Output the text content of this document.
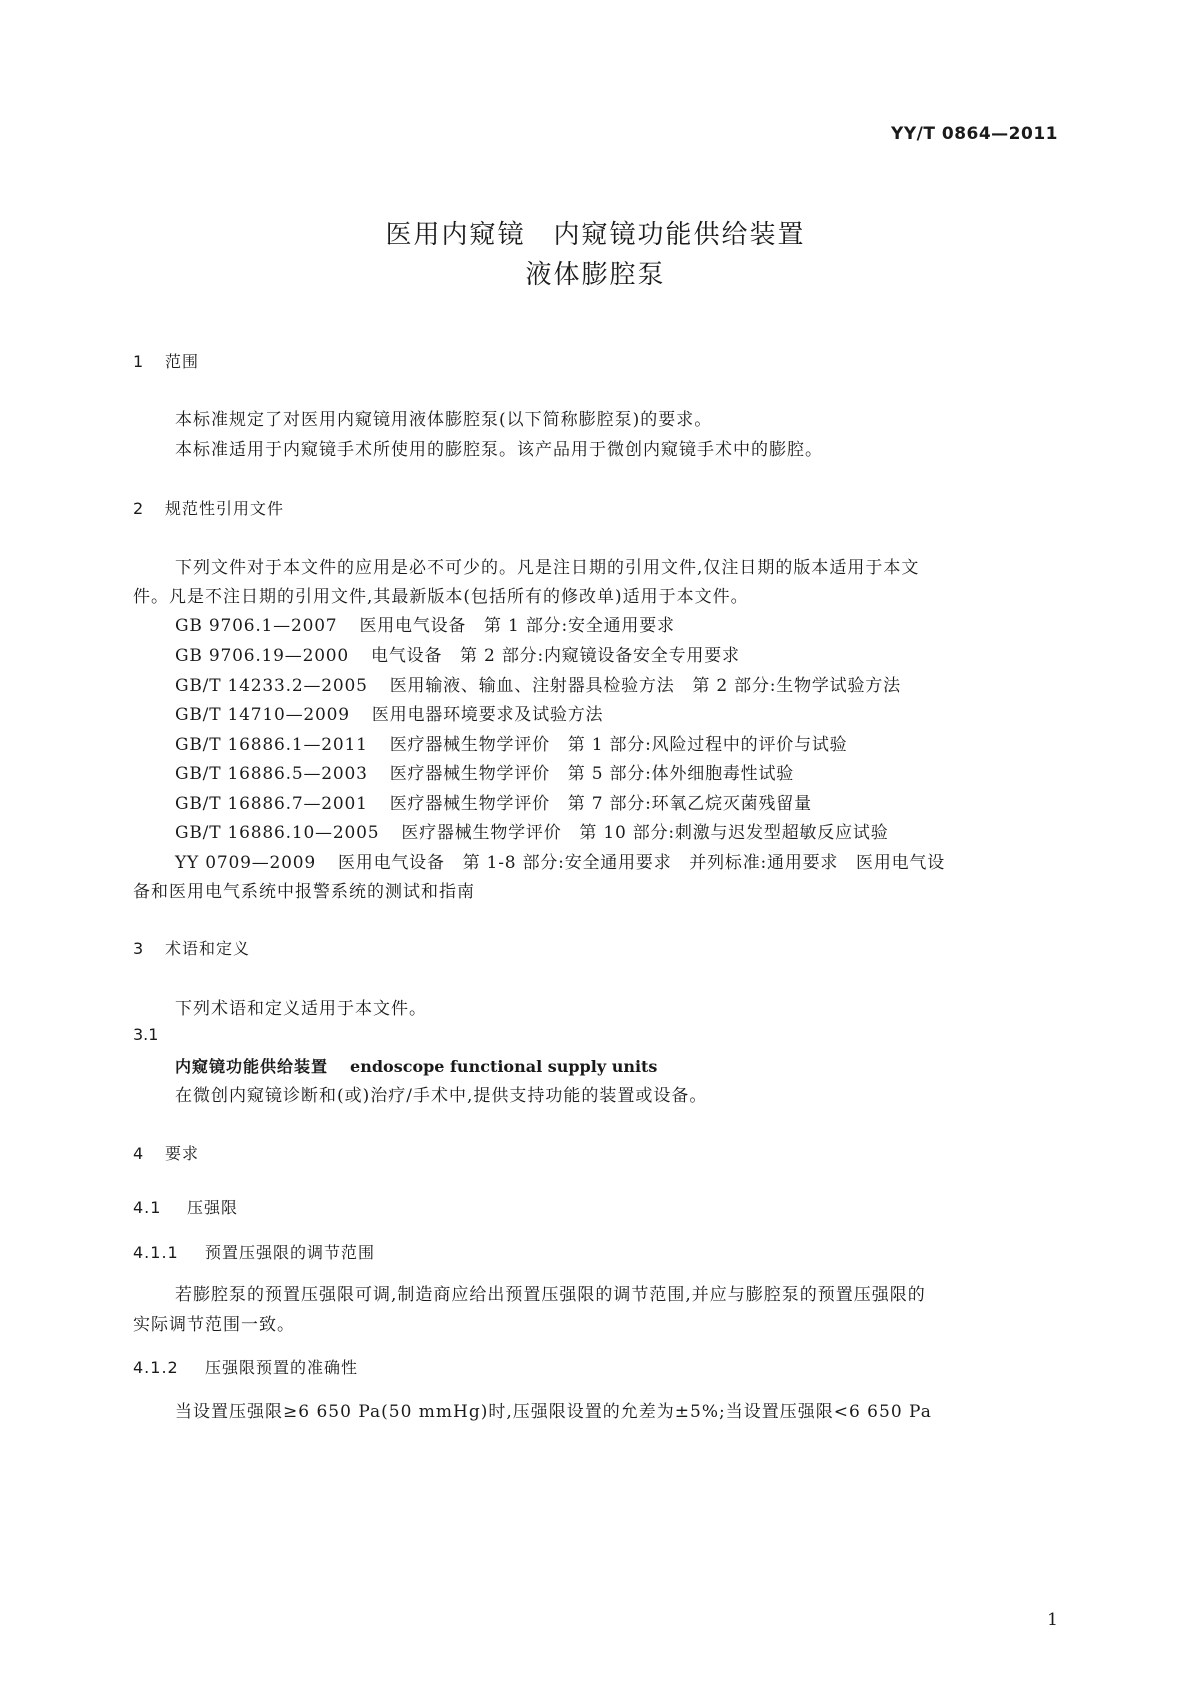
YY/T 0864—2011
医用内窥镜　内窥镜功能供给装置
液体膨腔泵
1 范围
本标准规定了对医用内窥镜用液体膨腔泵(以下简称膨腔泵)的要求。
本标准适用于内窥镜手术所使用的膨腔泵。该产品用于微创内窥镜手术中的膨腔。
2 规范性引用文件
下列文件对于本文件的应用是必不可少的。凡是注日期的引用文件,仅注日期的版本适用于本文
件。凡是不注日期的引用文件,其最新版本(包括所有的修改单)适用于本文件。
GB 9706.1—2007 医用电气设备　第 1 部分:安全通用要求
GB 9706.19—2000 电气设备　第 2 部分:内窥镜设备安全专用要求
GB/T 14233.2—2005 医用输液、输血、注射器具检验方法　第 2 部分:生物学试验方法
GB/T 14710—2009 医用电器环境要求及试验方法
GB/T 16886.1—2011 医疗器械生物学评价　第 1 部分:风险过程中的评价与试验
GB/T 16886.5—2003 医疗器械生物学评价　第 5 部分:体外细胞毒性试验
GB/T 16886.7—2001 医疗器械生物学评价　第 7 部分:环氧乙烷灭菌残留量
GB/T 16886.10—2005 医疗器械生物学评价　第 10 部分:刺激与迟发型超敏反应试验
YY 0709—2009 医用电气设备　第 1-8 部分:安全通用要求　并列标准:通用要求　医用电气设
备和医用电气系统中报警系统的测试和指南
3 术语和定义
下列术语和定义适用于本文件。
3.1
内窥镜功能供给装置 endoscope functional supply units
在微创内窥镜诊断和(或)治疗/手术中,提供支持功能的装置或设备。
4 要求
4.1 压强限
4.1.1 预置压强限的调节范围
若膨腔泵的预置压强限可调,制造商应给出预置压强限的调节范围,并应与膨腔泵的预置压强限的
实际调节范围一致。
4.1.2 压强限预置的准确性
当设置压强限≥6 650 Pa(50 mmHg)时,压强限设置的允差为±5%;当设置压强限<6 650 Pa
1
